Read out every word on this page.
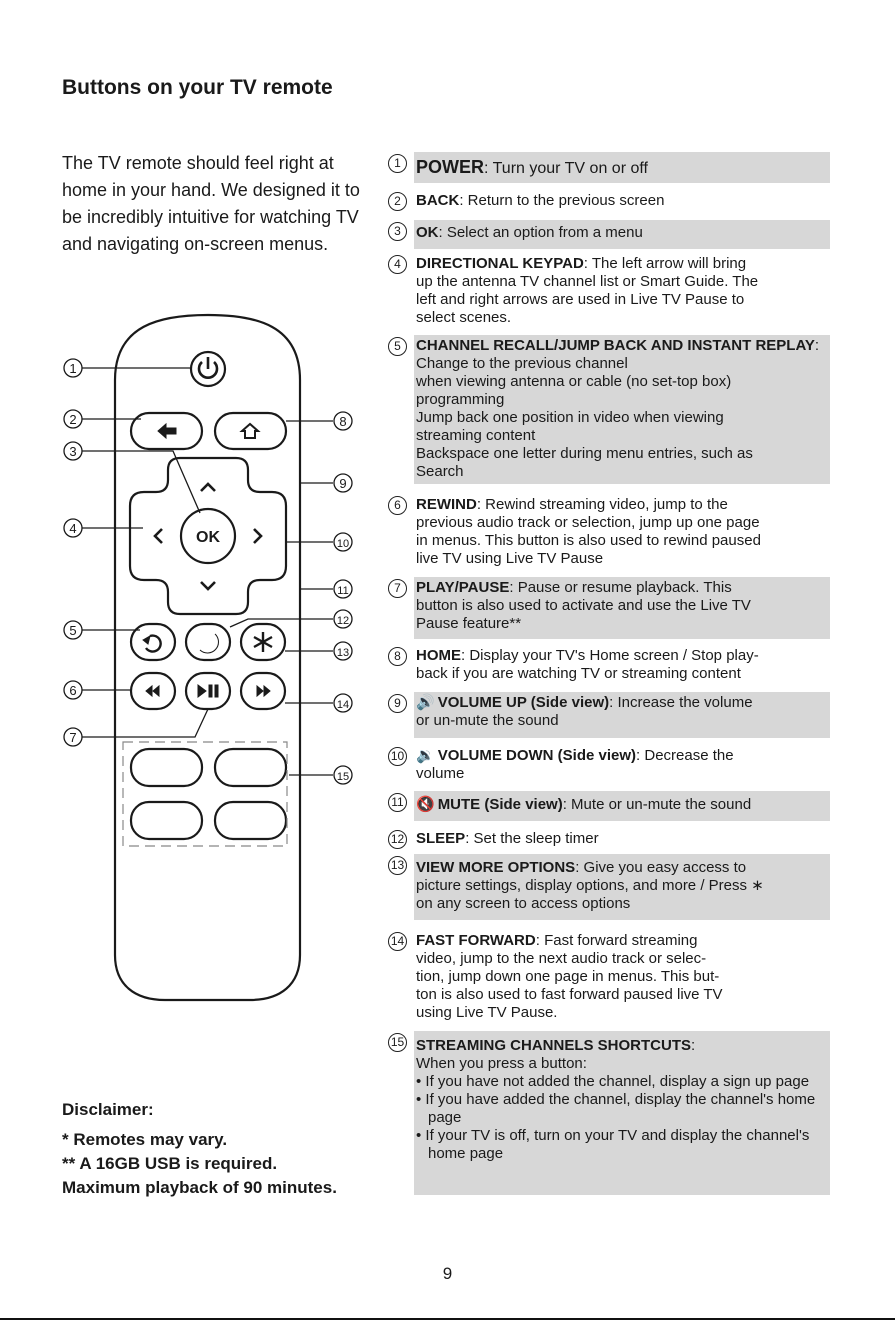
Buttons on your TV remote

The TV remote should feel right at home in your hand. We designed it to be incredibly intuitive for watching TV and navigating on-screen menus.

OK
1
2
3
4
5
6
7
8
9
10
11
12
13
14
15
1 POWER: Turn your TV on or off
2	BACK: Return to the previous screen
3	OK: Select an option from a menu
4	DIRECTIONAL KEYPAD: The left arrow will bring
up the antenna TV channel list or Smart Guide. The
left and right arrows are used in Live TV Pause to
select scenes.
5	CHANNEL RECALL/JUMP BACK AND INSTANT REPLAY: Change to the previous channel
when viewing antenna or cable (no set-top box)
programming
Jump back one position in video when viewing
streaming content
Backspace one letter during menu entries, such as
Search
6	REWIND: Rewind streaming video, jump to the
previous audio track or selection, jump up one page
in menus. This button is also used to rewind paused
live TV using Live TV Pause
7	PLAY/PAUSE: Pause or resume playback. This
button is also used to activate and use the Live TV
Pause feature**
8	HOME: Display your TV's Home screen / Stop play-
back if you are watching TV or streaming content
9	🔊 VOLUME UP (Side view): Increase the volume
or un-mute the sound
10 🔉 VOLUME DOWN (Side view): Decrease the
volume
11 🔇 MUTE (Side view): Mute or un-mute the sound
12 SLEEP: Set the sleep timer
13 VIEW MORE OPTIONS: Give you easy access to
picture settings, display options, and more / Press ∗
on any screen to access options
14 FAST FORWARD: Fast forward streaming
video, jump to the next audio track or selec-
tion, jump down one page in menus. This but-
ton is also used to fast forward paused live TV
using Live TV Pause.
15 STREAMING CHANNELS SHORTCUTS:
When you press a button:
• If you have not added the channel, display a sign up page
• If you have added the channel, display the channel's home page
• If your TV is off, turn on your TV and display the channel's home page
Disclaimer:
* Remotes may vary.
** A 16GB USB is required.
Maximum playback of 90 minutes.
9
